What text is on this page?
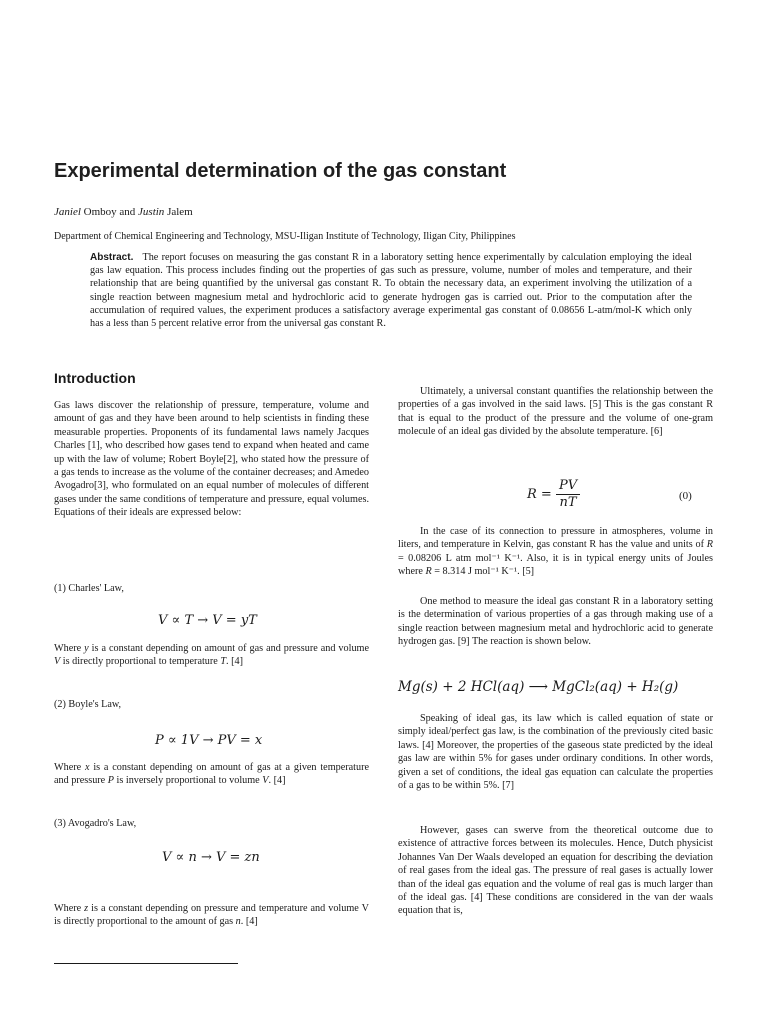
Experimental determination of the gas constant
Janiel Omboy and Justin Jalem
Department of Chemical Engineering and Technology, MSU-Iligan Institute of Technology, Iligan City, Philippines
Abstract. The report focuses on measuring the gas constant R in a laboratory setting hence experimentally by calculation employing the ideal gas law equation. This process includes finding out the properties of gas such as pressure, volume, number of moles and temperature, and their relationship that are being quantified by the universal gas constant R. To obtain the necessary data, an experiment involving the utilization of a single reaction between magnesium metal and hydrochloric acid to generate hydrogen gas is carried out. Prior to the computation after the accumulation of required values, the experiment produces a satisfactory average experimental gas constant of 0.08656 L-atm/mol-K which only has a less than 5 percent relative error from the universal gas constant R.
Introduction

Gas laws discover the relationship of pressure, temperature, volume and amount of gas and they have been around to help scientists in finding these measurable properties. Proponents of its fundamental laws namely Jacques Charles [1], who described how gases tend to expand when heated and came up with the law of volume; Robert Boyle[2], who stated how the pressure of a gas tends to increase as the volume of the container decreases; and Amedeo Avogadro[3], who formulated on an equal number of molecules of different gases under the same conditions of temperature and pressure, equal volumes. Equations of their ideals are expressed below:

(1) Charles' Law,
V ∝ T → V = yT

Where y is a constant depending on amount of gas and pressure and volume V is directly proportional to temperature T. [4]

(2) Boyle's Law,
P ∝ 1V → PV = x

Where x is a constant depending on amount of gas at a given temperature and pressure P is inversely proportional to volume V. [4]

(3) Avogadro's Law,
V ∝ n → V = zn

Where z is a constant depending on pressure and temperature and volume V is directly proportional to the amount of gas n. [4]

Ultimately, a universal constant quantifies the relationship between the properties of a gas involved in the said laws. [5] This is the gas constant R that is equal to the product of the pressure and the volume of one-gram molecule of an ideal gas divided by the absolute temperature. [6]

$R = \frac{PV}{nT}$	(0)

In the case of its connection to pressure in atmospheres, volume in liters, and temperature in Kelvin, gas constant R has the value and units of R = 0.08206 L atm mol⁻¹ K⁻¹. Also, it is in typical energy units of Joules where R = 8.314 J mol⁻¹ K⁻¹. [5]

One method to measure the ideal gas constant R in a laboratory setting is the determination of various properties of a gas through making use of a single reaction between magnesium metal and hydrochloric acid to generate hydrogen gas. [9] The reaction is shown below.

Mg(s) + 2 HCl(aq) ⟶ MgCl₂(aq) + H₂(g)

Speaking of ideal gas, its law which is called equation of state or simply ideal/perfect gas law, is the combination of the previously cited basic laws. [4] Moreover, the properties of the gaseous state predicted by the ideal gas law are within 5% for gases under ordinary conditions. In other words, given a set of conditions, the ideal gas equation can calculate the properties of a gas to be within 5%. [7]

However, gases can swerve from the theoretical outcome due to existence of attractive forces between its molecules. Hence, Dutch physicist Johannes Van Der Waals developed an equation for describing the deviation of real gases from the ideal gas. The pressure of real gases is actually lower than of the ideal gas equation and the volume of real gas is much larger than of the ideal gas. [4] These conditions are considered in the van der waals equation that is,
